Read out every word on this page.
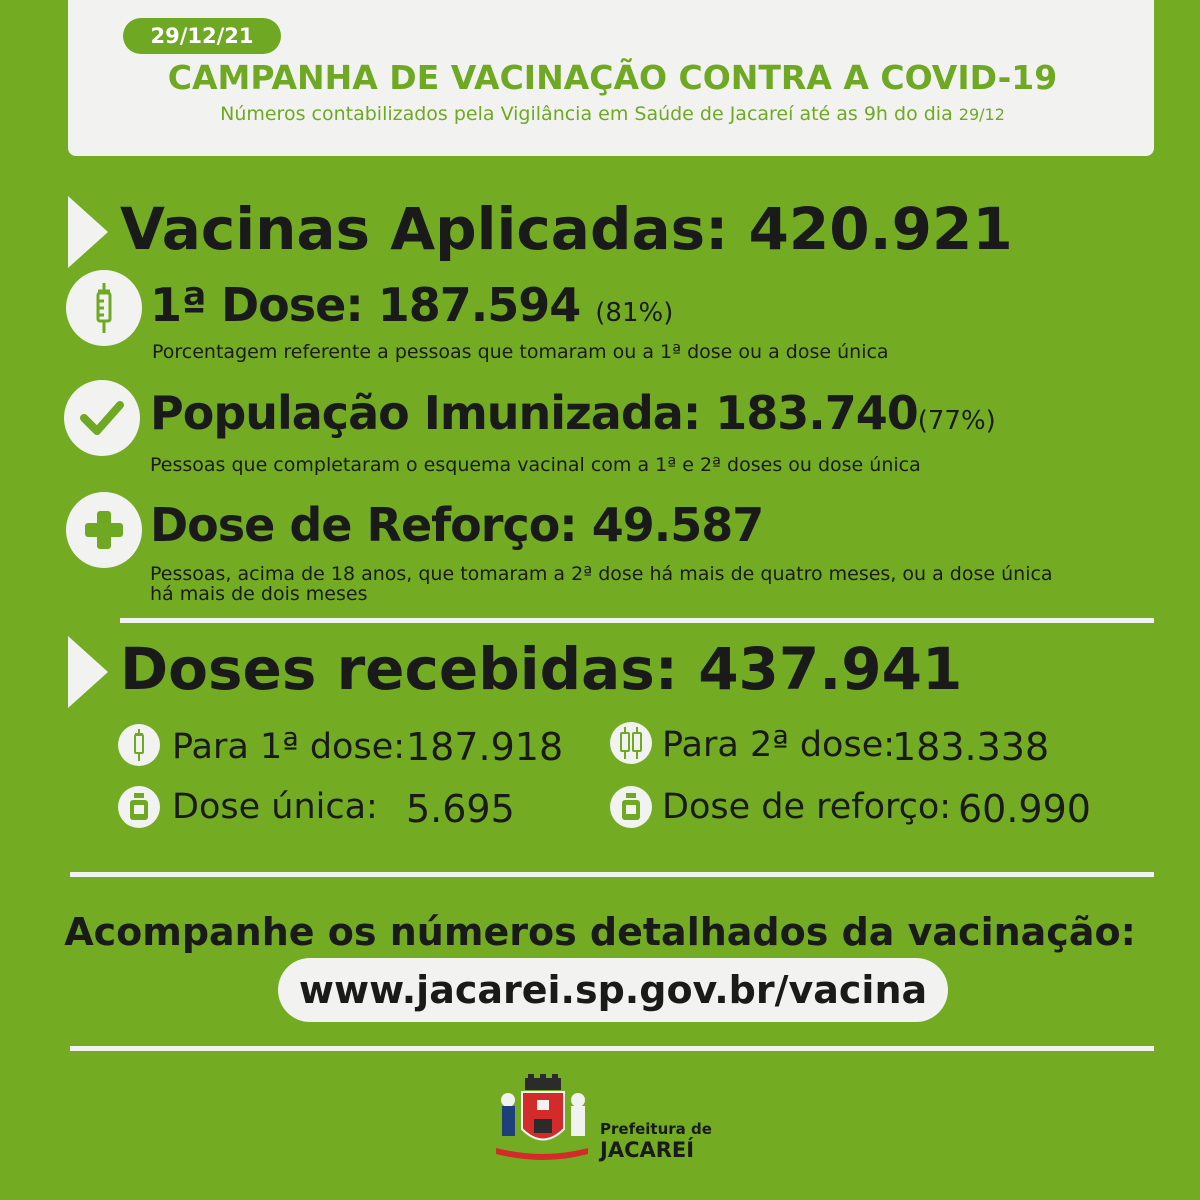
29/12/21
CAMPANHA DE VACINAÇÃO CONTRA A COVID-19
Números contabilizados pela Vigilância em Saúde de Jacareí até as 9h do dia 29/12
Vacinas Aplicadas: 420.921
1ª Dose: 187.594 (81%)
Porcentagem referente a pessoas que tomaram ou a 1ª dose ou a dose única
População Imunizada: 183.740(77%)
Pessoas que completaram o esquema vacinal com a 1ª e 2ª doses ou dose única
Dose de Reforço: 49.587
Pessoas, acima de 18 anos, que tomaram a 2ª dose há mais de quatro meses, ou a dose única
há mais de dois meses
Doses recebidas: 437.941
Para 1ª dose: 187.918	Para 2ª dose:
183.338
Dose única: 5.695	Dose de reforço: 60.990
Acompanhe os números detalhados da vacinação:
www.jacarei.sp.gov.br/vacina
Prefeitura de
JACAREÍ
